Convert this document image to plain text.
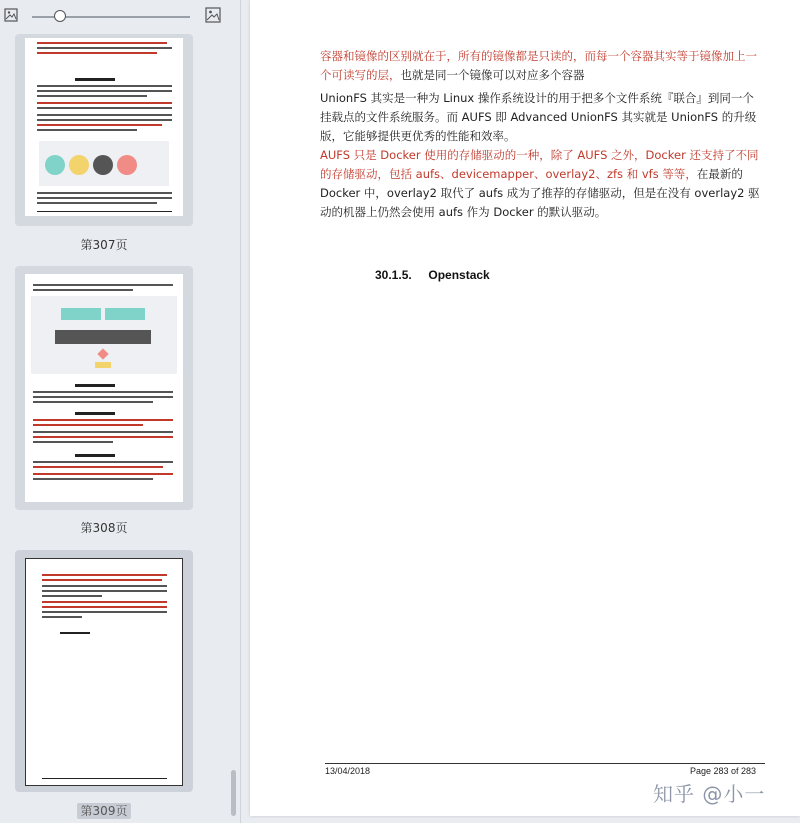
第307页
第308页
第309页

容器和镜像的区别就在于，所有的镜像都是只读的，而每一个容器其实等于镜像加上一个可读写的层，也就是同一个镜像可以对应多个容器

UnionFS 其实是一种为 Linux 操作系统设计的用于把多个文件系统『联合』到同一个挂载点的文件系统服务。而 AUFS 即 Advanced UnionFS 其实就是 UnionFS 的升级版，它能够提供更优秀的性能和效率。

AUFS 只是 Docker 使用的存储驱动的一种，除了 AUFS 之外，Docker 还支持了不同的存储驱动，包括 aufs、devicemapper、overlay2、zfs 和 vfs 等等，在最新的 Docker 中，overlay2 取代了 aufs 成为了推荐的存储驱动，但是在没有 overlay2 驱动的机器上仍然会使用 aufs 作为 Docker 的默认驱动。

30.1.5. Openstack
13/04/2018	Page 283 of 283
知乎 @小一
